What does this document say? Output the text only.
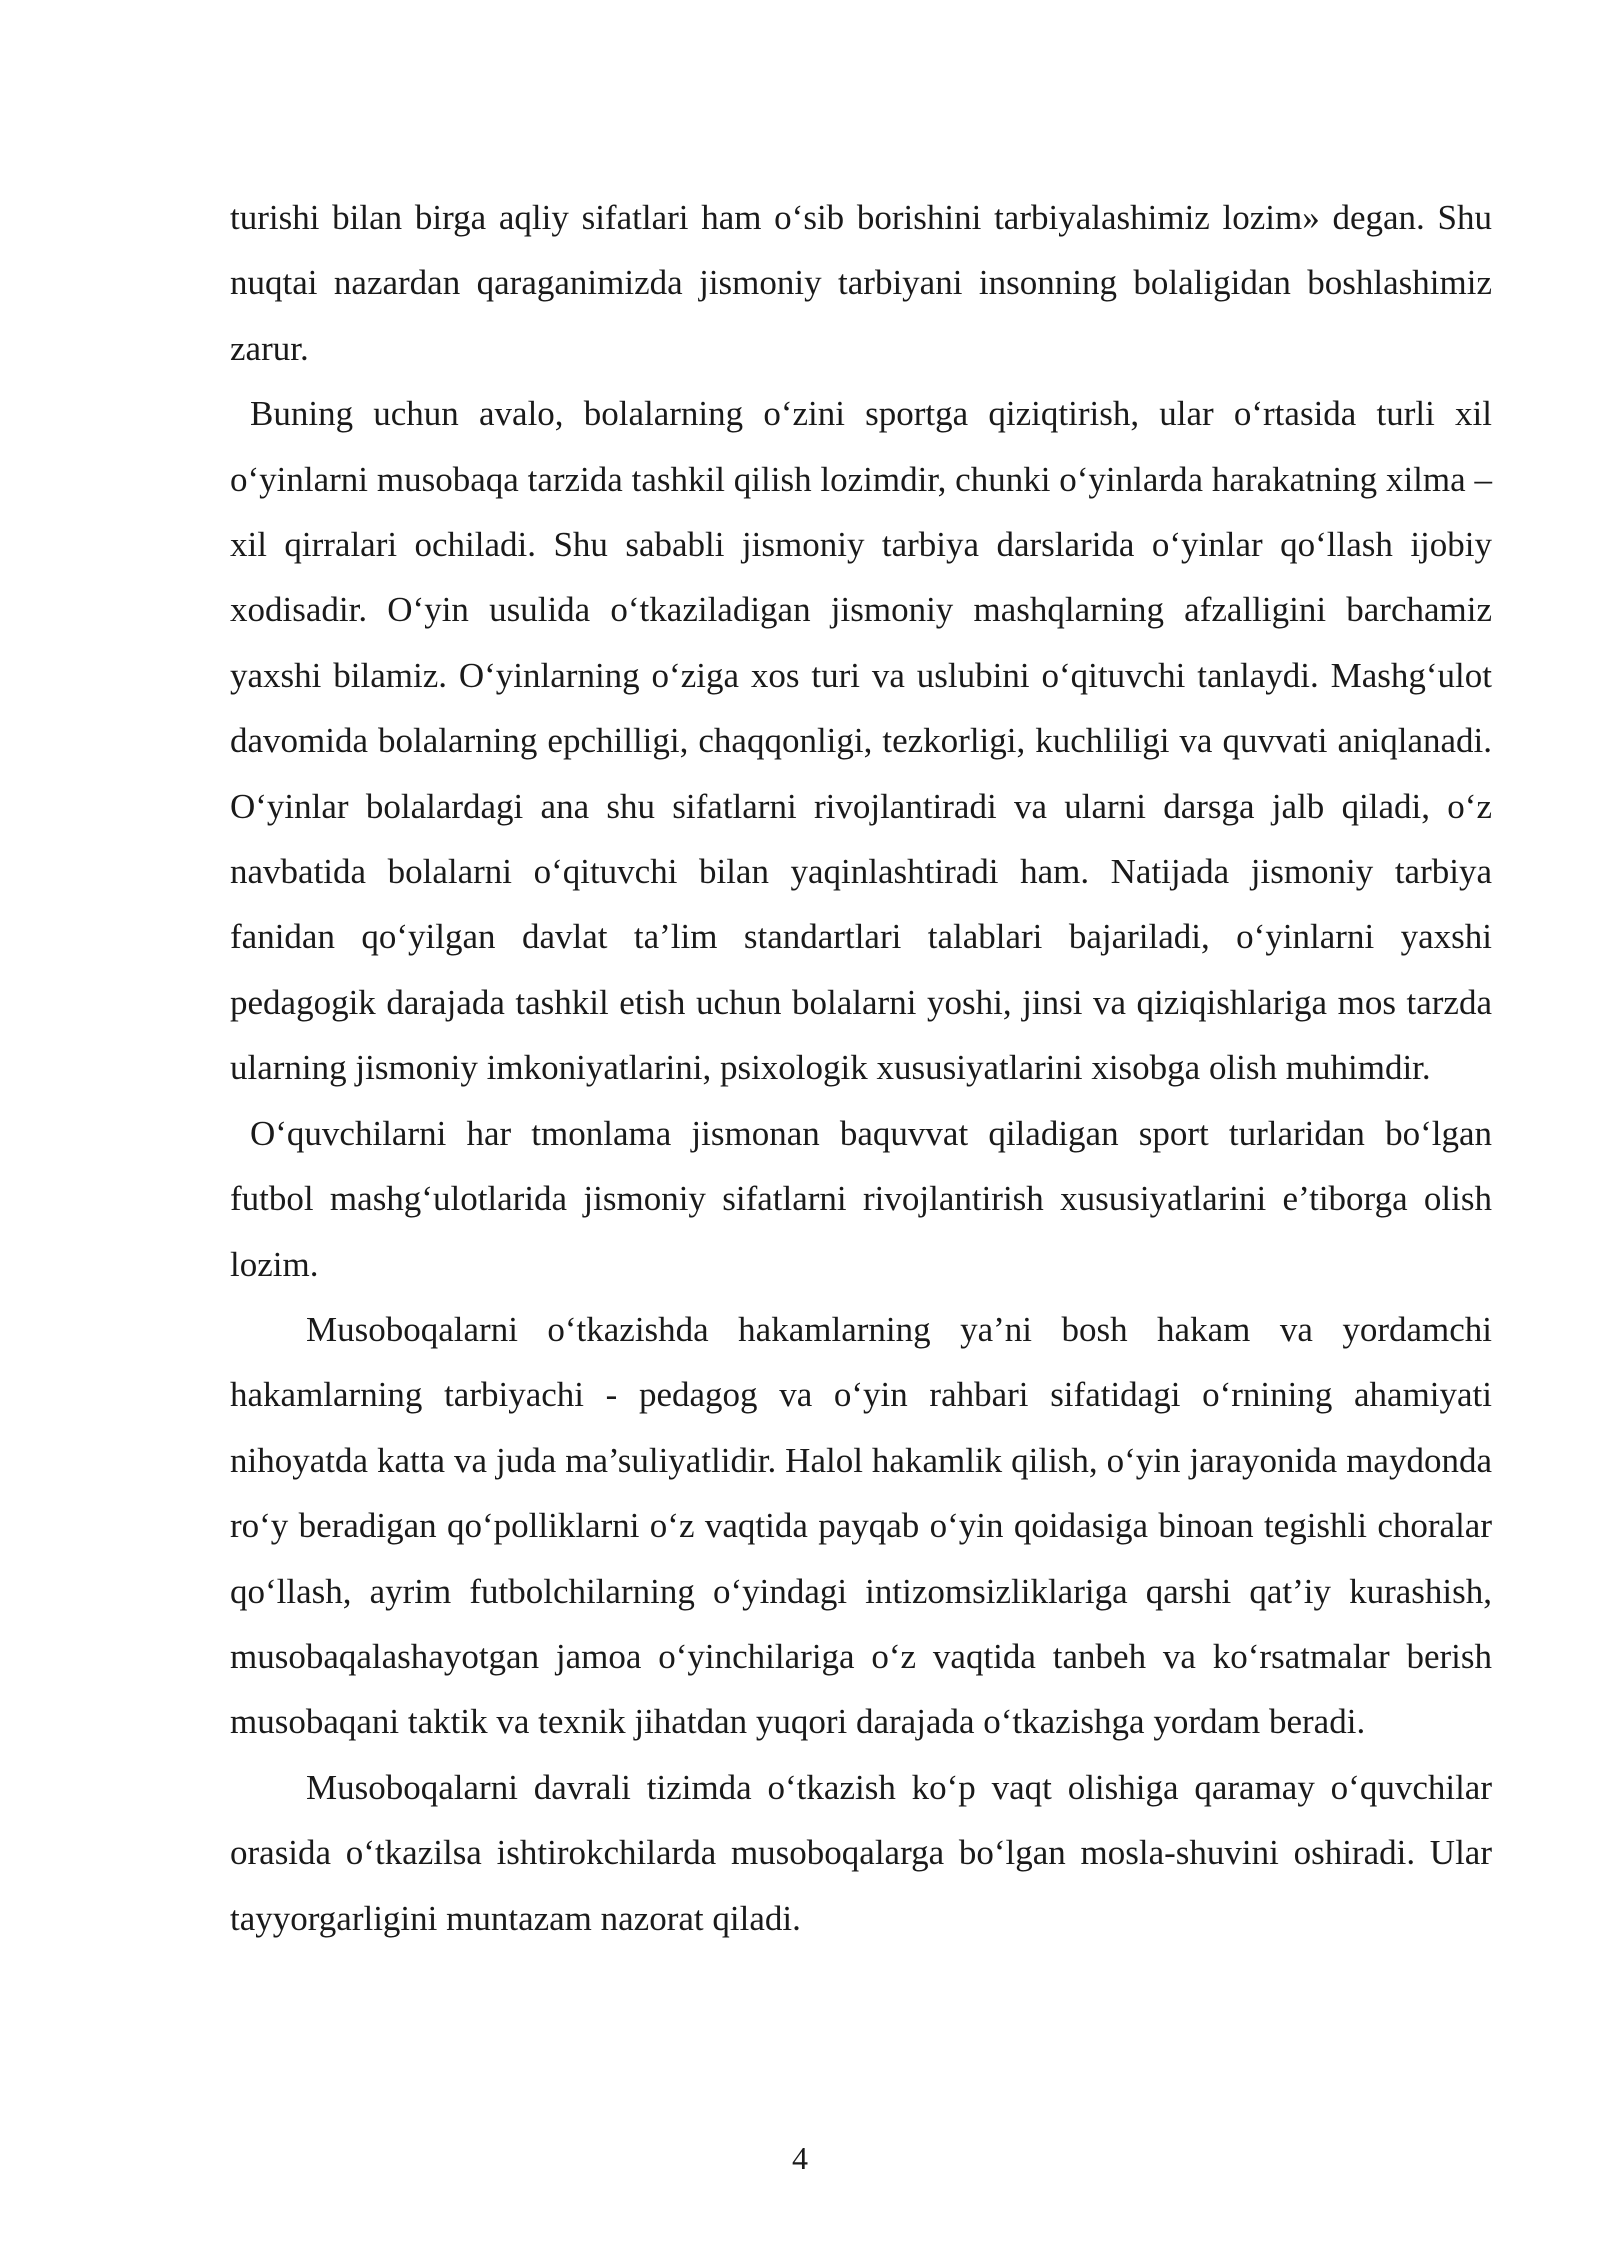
turishi bilan birga aqliy sifatlari ham o‘sib borishini tarbiyalashimiz lozim» degan. Shu nuqtai nazardan qaraganimizda jismoniy tarbiyani insonning bolaligidan boshlashimiz zarur.

Buning uchun avalo, bolalarning o‘zini sportga qiziqtirish, ular o‘rtasida turli xil o‘yinlarni musobaqa tarzida tashkil qilish lozimdir, chunki o‘yinlarda harakatning xilma – xil qirralari ochiladi. Shu sababli jismoniy tarbiya darslarida o‘yinlar qo‘llash ijobiy xodisadir. O‘yin usulida o‘tkaziladigan jismoniy mashqlarning afzalligini barchamiz yaxshi bilamiz. O‘yinlarning o‘ziga xos turi va uslubini o‘qituvchi tanlaydi. Mashg‘ulot davomida bolalarning epchilligi, chaqqonligi, tezkorligi, kuchliligi va quvvati aniqlanadi. O‘yinlar bolalardagi ana shu sifatlarni rivojlantiradi va ularni darsga jalb qiladi, o‘z navbatida bolalarni o‘qituvchi bilan yaqinlashtiradi ham. Natijada jismoniy tarbiya fanidan qo‘yilgan davlat ta’lim standartlari talablari bajariladi, o‘yinlarni yaxshi pedagogik darajada tashkil etish uchun bolalarni yoshi, jinsi va qiziqishlariga mos tarzda ularning jismoniy imkoniyatlarini, psixologik xususiyatlarini xisobga olish muhimdir.

O‘quvchilarni har tmonlama jismonan baquvvat qiladigan sport turlaridan bo‘lgan futbol mashg‘ulotlarida jismoniy sifatlarni rivojlantirish xususiyatlarini e’tiborga olish lozim.

Musoboqalarni o‘tkazishda hakamlarning ya’ni bosh hakam va yordamchi hakamlarning tarbiyachi - pedagog va o‘yin rahbari sifatidagi o‘rnining ahamiyati nihoyatda katta va juda ma’suliyatlidir. Halol hakamlik qilish, o‘yin jarayonida maydonda ro‘y beradigan qo‘polliklarni o‘z vaqtida payqab o‘yin qoidasiga binoan tegishli choralar qo‘llash, ayrim futbolchilarning o‘yindagi intizomsizliklariga qarshi qat’iy kurashish, musobaqalashayotgan jamoa o‘yinchilariga o‘z vaqtida tanbeh va ko‘rsatmalar berish musobaqani taktik va texnik jihatdan yuqori darajada o‘tkazishga yordam beradi.

Musoboqalarni davrali tizimda o‘tkazish ko‘p vaqt olishiga qaramay o‘quvchilar orasida o‘tkazilsa ishtirokchilarda musoboqalarga bo‘lgan mosla-shuvini oshiradi. Ular tayyorgarligini muntazam nazorat qiladi.

4
